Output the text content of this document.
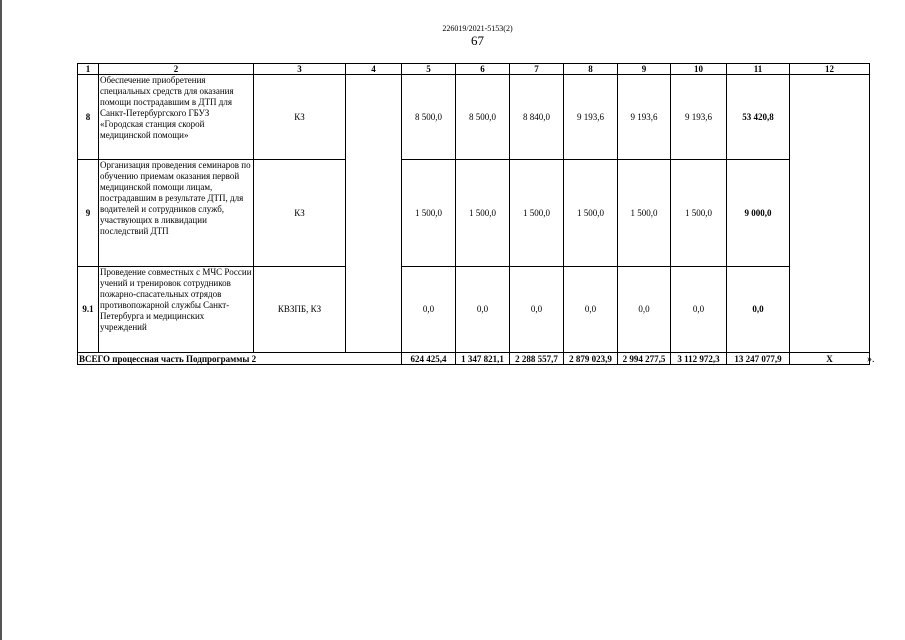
226019/2021-5153(2)
67
1	2	3	4	5	6	7	8	9	10	11	12
8	Обеспечение приобретения специальных средств для оказания помощи пострадавшим в ДТП для Санкт-Петербургского ГБУЗ «Городская станция скорой медицинской помощи»	КЗ		8 500,0	8 500,0	8 840,0	9 193,6	9 193,6	9 193,6	53 420,8	
9	Организация проведения семинаров по обучению приемам оказания первой медицинской помощи лицам, пострадавшим в результате ДТП, для водителей и сотрудников служб, участвующих в ликвидации последствий ДТП	КЗ		1 500,0	1 500,0	1 500,0	1 500,0	1 500,0	1 500,0	9 000,0	
9.1	Проведение совместных с МЧС России учений и тренировок сотрудников пожарно-спасательных отрядов противопожарной службы Санкт-Петербурга и медицинских учреждений	КВЗПБ, КЗ		0,0	0,0	0,0	0,0	0,0	0,0	0,0	
ВСЕГО процессная часть Подпрограммы 2				624 425,4	1 347 821,1	2 288 557,7	2 879 023,9	2 994 277,5	3 112 972,3	13 247 077,9	Х	».
